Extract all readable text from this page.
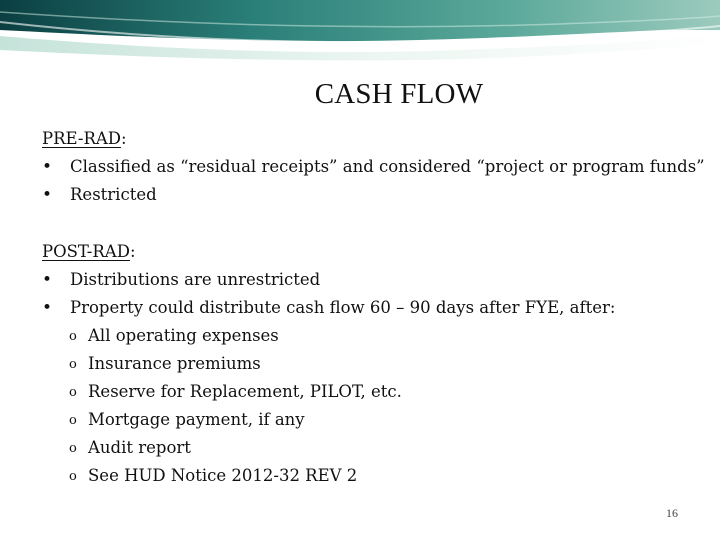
CASH FLOW
PRE-RAD:
• Classified as “residual receipts” and considered “project or program funds”
• Restricted
POST-RAD:
• Distributions are unrestricted
• Property could distribute cash flow 60 – 90 days after FYE, after:
o All operating expenses
o Insurance premiums
o Reserve for Replacement, PILOT, etc.
o Mortgage payment, if any
o Audit report
o See HUD Notice 2012-32 REV 2
16
